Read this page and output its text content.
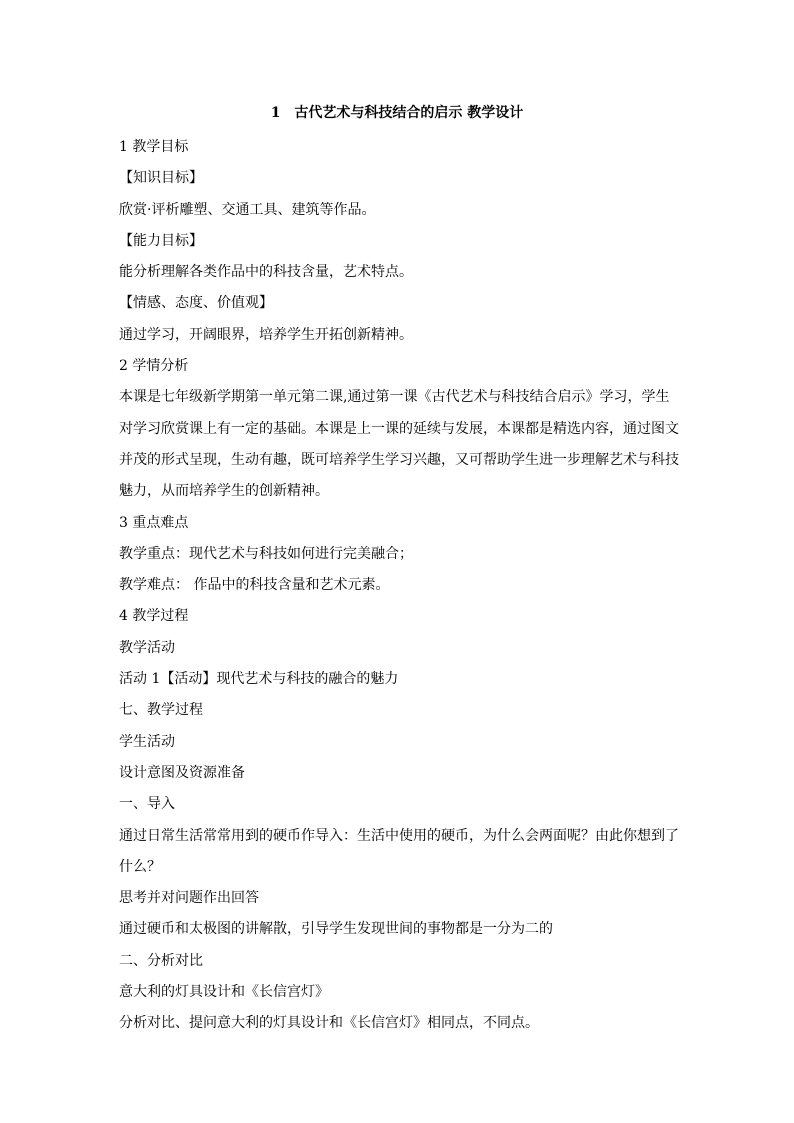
1　古代艺术与科技结合的启示 教学设计
1 教学目标
【知识目标】
欣赏·评析雕塑、交通工具、建筑等作品。
【能力目标】
能分析理解各类作品中的科技含量，艺术特点。
【情感、态度、价值观】
通过学习，开阔眼界，培养学生开拓创新精神。
2 学情分析
本课是七年级新学期第一单元第二课,通过第一课《古代艺术与科技结合启示》学习，学生
对学习欣赏课上有一定的基础。本课是上一课的延续与发展，本课都是精选内容，通过图文
并茂的形式呈现，生动有趣，既可培养学生学习兴趣，又可帮助学生进一步理解艺术与科技
魅力，从而培养学生的创新精神。
3 重点难点
教学重点：现代艺术与科技如何进行完美融合；
教学难点： 作品中的科技含量和艺术元素。
4 教学过程
教学活动
活动 1【活动】现代艺术与科技的融合的魅力
七、教学过程
学生活动
设计意图及资源准备
一、导入
通过日常生活常常用到的硬币作导入：生活中使用的硬币，为什么会两面呢？由此你想到了
什么？
思考并对问题作出回答
通过硬币和太极图的讲解散，引导学生发现世间的事物都是一分为二的
二、分析对比
意大利的灯具设计和《长信宫灯》
分析对比、提问意大利的灯具设计和《长信宫灯》相同点，不同点。
